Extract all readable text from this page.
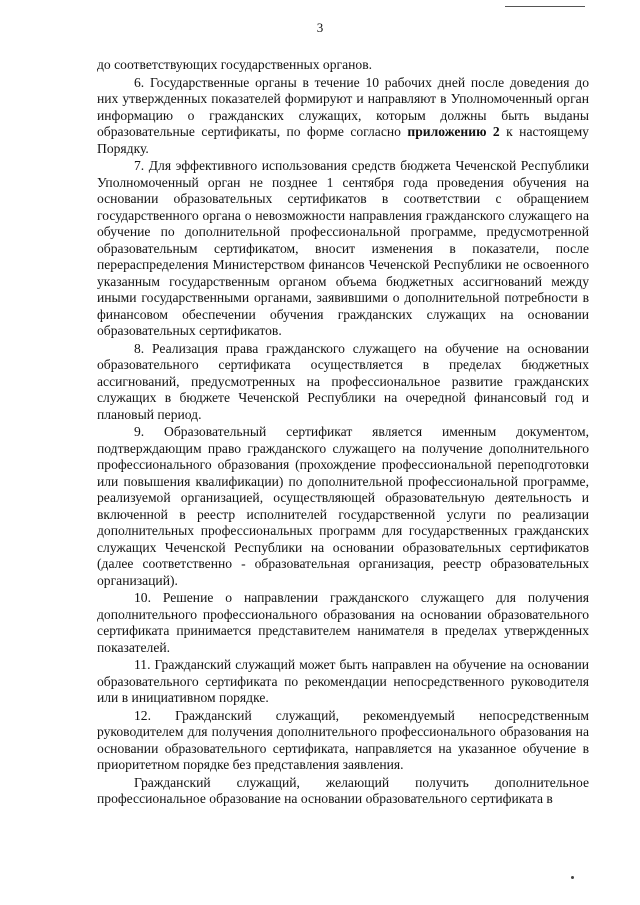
3

до соответствующих государственных органов.

6. Государственные органы в течение 10 рабочих дней после доведения до них утвержденных показателей формируют и направляют в Уполномоченный орган информацию о гражданских служащих, которым должны быть выданы образовательные сертификаты, по форме согласно приложению 2 к настоящему Порядку.

7. Для эффективного использования средств бюджета Чеченской Республики Уполномоченный орган не позднее 1 сентября года проведения обучения на основании образовательных сертификатов в соответствии с обращением государственного органа о невозможности направления гражданского служащего на обучение по дополнительной профессиональной программе, предусмотренной образовательным сертификатом, вносит изменения в показатели, после перераспределения Министерством финансов Чеченской Республики не освоенного указанным государственным органом объема бюджетных ассигнований между иными государственными органами, заявившими о дополнительной потребности в финансовом обеспечении обучения гражданских служащих на основании образовательных сертификатов.

8. Реализация права гражданского служащего на обучение на основании образовательного сертификата осуществляется в пределах бюджетных ассигнований, предусмотренных на профессиональное развитие гражданских служащих в бюджете Чеченской Республики на очередной финансовый год и плановый период.

9. Образовательный сертификат является именным документом, подтверждающим право гражданского служащего на получение дополнительного профессионального образования (прохождение профессиональной переподготовки или повышения квалификации) по дополнительной профессиональной программе, реализуемой организацией, осуществляющей образовательную деятельность и включенной в реестр исполнителей государственной услуги по реализации дополнительных профессиональных программ для государственных гражданских служащих Чеченской Республики на основании образовательных сертификатов (далее соответственно - образовательная организация, реестр образовательных организаций).

10. Решение о направлении гражданского служащего для получения дополнительного профессионального образования на основании образовательного сертификата принимается представителем нанимателя в пределах утвержденных показателей.

11. Гражданский служащий может быть направлен на обучение на основании образовательного сертификата по рекомендации непосредственного руководителя или в инициативном порядке.

12. Гражданский служащий, рекомендуемый непосредственным руководителем для получения дополнительного профессионального образования на основании образовательного сертификата, направляется на указанное обучение в приоритетном порядке без представления заявления.

Гражданский служащий, желающий получить дополнительное профессиональное образование на основании образовательного сертификата в
